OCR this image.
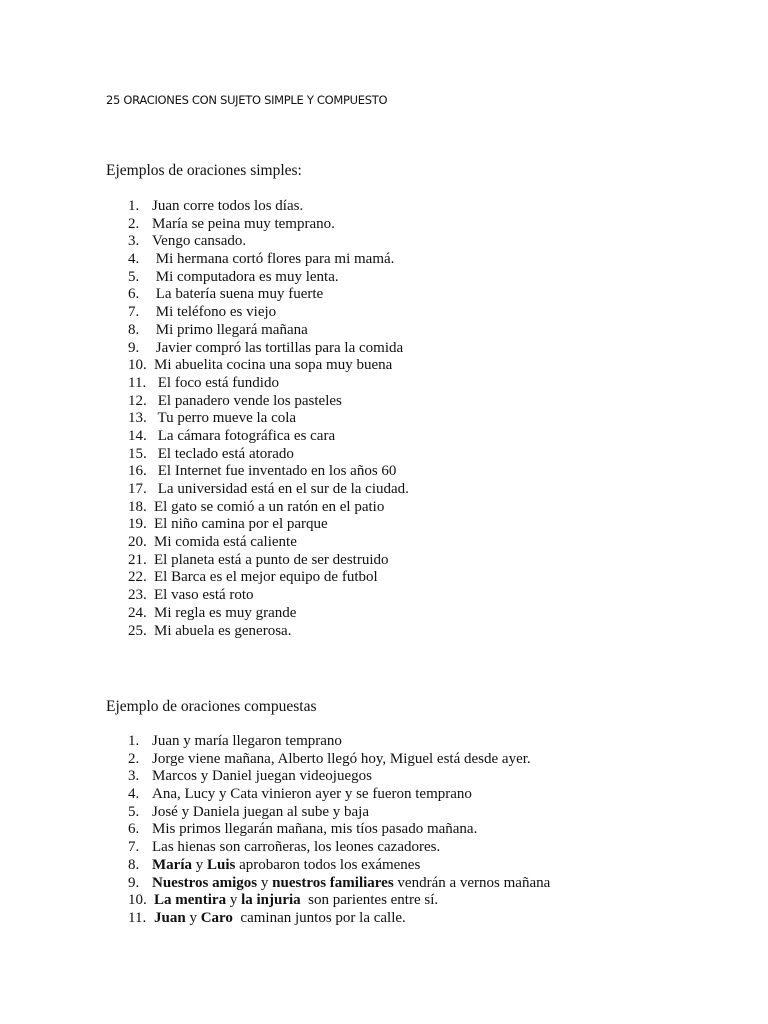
25 ORACIONES CON SUJETO SIMPLE Y COMPUESTO
Ejemplos de oraciones simples:
1. Juan corre todos los días.
2. María se peina muy temprano.
3. Vengo cansado.
4. Mi hermana cortó flores para mi mamá.
5. Mi computadora es muy lenta.
6. La batería suena muy fuerte
7. Mi teléfono es viejo
8. Mi primo llegará mañana
9. Javier compró las tortillas para la comida
10. Mi abuelita cocina una sopa muy buena
11. El foco está fundido
12. El panadero vende los pasteles
13. Tu perro mueve la cola
14. La cámara fotográfica es cara
15. El teclado está atorado
16. El Internet fue inventado en los años 60
17. La universidad está en el sur de la ciudad.
18. El gato se comió a un ratón en el patio
19. El niño camina por el parque
20. Mi comida está caliente
21. El planeta está a punto de ser destruido
22. El Barca es el mejor equipo de futbol
23. El vaso está roto
24. Mi regla es muy grande
25. Mi abuela es generosa.
Ejemplo de oraciones compuestas
1. Juan y maría llegaron temprano
2. Jorge viene mañana, Alberto llegó hoy, Miguel está desde ayer.
3. Marcos y Daniel juegan videojuegos
4. Ana, Lucy y Cata vinieron ayer y se fueron temprano
5. José y Daniela juegan al sube y baja
6. Mis primos llegarán mañana, mis tíos pasado mañana.
7. Las hienas son carroñeras, los leones cazadores.
8. María y Luis aprobaron todos los exámenes
9. Nuestros amigos y nuestros familiares vendrán a vernos mañana
10. La mentira y la injuria  son parientes entre sí.
11. Juan y Caro  caminan juntos por la calle.
